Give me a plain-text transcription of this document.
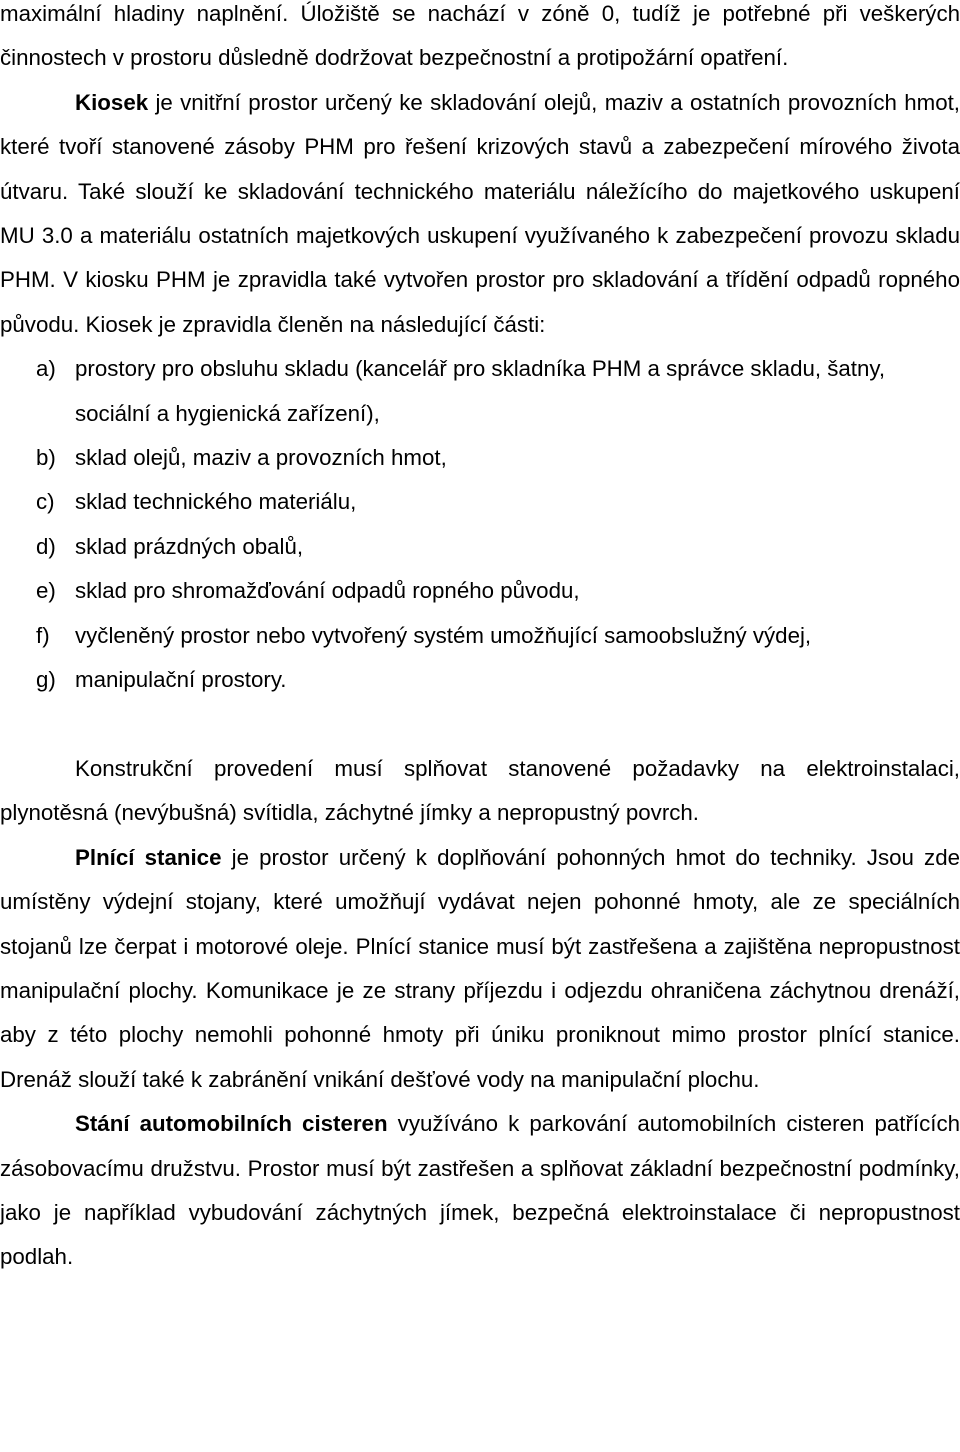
maximální hladiny naplnění. Úložiště se nachází v zóně 0, tudíž je potřebné při veškerých činnostech v prostoru důsledně dodržovat bezpečnostní a protipožární opatření.

Kiosek je vnitřní prostor určený ke skladování olejů, maziv a ostatních provozních hmot, které tvoří stanovené zásoby PHM pro řešení krizových stavů a zabezpečení mírového života útvaru. Také slouží ke skladování technického materiálu náležícího do majetkového uskupení MU 3.0 a materiálu ostatních majetkových uskupení využívaného k zabezpečení provozu skladu PHM. V kiosku PHM je zpravidla také vytvořen prostor pro skladování a třídění odpadů ropného původu. Kiosek je zpravidla členěn na následující části:

a) prostory pro obsluhu skladu (kancelář pro skladníka PHM a správce skladu, šatny, sociální a hygienická zařízení),
b) sklad olejů, maziv a provozních hmot,
c) sklad technického materiálu,
d) sklad prázdných obalů,
e) sklad pro shromažďování odpadů ropného původu,
f) vyčleněný prostor nebo vytvořený systém umožňující samoobslužný výdej,
g) manipulační prostory.

Konstrukční provedení musí splňovat stanovené požadavky na elektroinstalaci, plynotěsná (nevýbušná) svítidla, záchytné jímky a nepropustný povrch.

Plnící stanice je prostor určený k doplňování pohonných hmot do techniky. Jsou zde umístěny výdejní stojany, které umožňují vydávat nejen pohonné hmoty, ale ze speciálních stojanů lze čerpat i motorové oleje. Plnící stanice musí být zastřešena a zajištěna nepropustnost manipulační plochy. Komunikace je ze strany příjezdu i odjezdu ohraničena záchytnou drenáží, aby z této plochy nemohli pohonné hmoty při úniku proniknout mimo prostor plnící stanice. Drenáž slouží také k zabránění vnikání dešťové vody na manipulační plochu.

Stání automobilních cisteren využíváno k parkování automobilních cisteren patřících zásobovacímu družstvu. Prostor musí být zastřešen a splňovat základní bezpečnostní podmínky, jako je například vybudování záchytných jímek, bezpečná elektroinstalace či nepropustnost podlah.
